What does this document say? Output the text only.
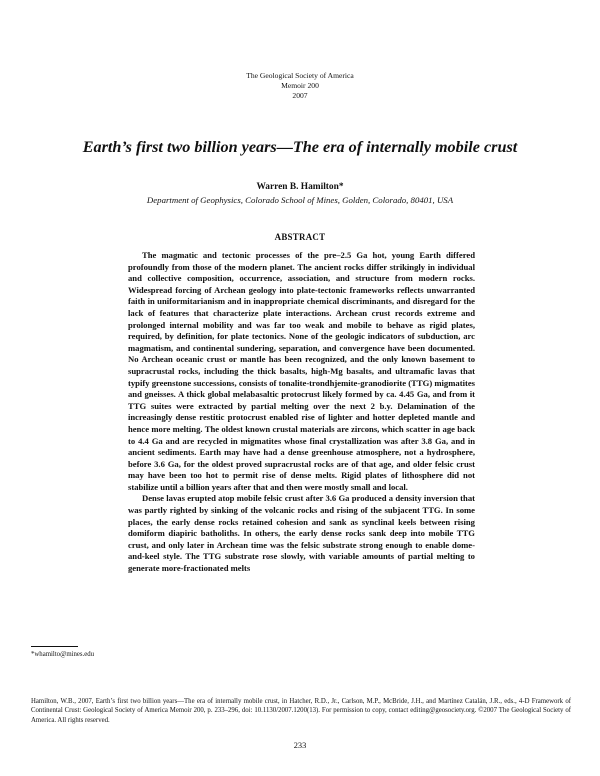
The Geological Society of America
Memoir 200
2007
Earth’s first two billion years—The era of internally mobile crust
Warren B. Hamilton*
Department of Geophysics, Colorado School of Mines, Golden, Colorado, 80401, USA
ABSTRACT

The magmatic and tectonic processes of the pre–2.5 Ga hot, young Earth differed profoundly from those of the modern planet. The ancient rocks differ strikingly in individual and collective composition, occurrence, association, and structure from modern rocks. Widespread forcing of Archean geology into plate-tectonic frameworks reflects unwarranted faith in uniformitarianism and in inappropriate chemical discriminants, and disregard for the lack of features that characterize plate interactions. Archean crust records extreme and prolonged internal mobility and was far too weak and mobile to behave as rigid plates, required, by definition, for plate tectonics. None of the geologic indicators of subduction, arc magmatism, and continental sundering, separation, and convergence have been documented. No Archean oceanic crust or mantle has been recognized, and the only known basement to supracrustal rocks, including the thick basalts, high-Mg basalts, and ultramafic lavas that typify greenstone successions, consists of tonalite-trondhjemite-granodiorite (TTG) migmatites and gneisses. A thick global melabasaltic protocrust likely formed by ca. 4.45 Ga, and from it TTG suites were extracted by partial melting over the next 2 b.y. Delamination of the increasingly dense restitic protocrust enabled rise of lighter and hotter depleted mantle and hence more melting. The oldest known crustal materials are zircons, which scatter in age back to 4.4 Ga and are recycled in migmatites whose final crystallization was after 3.8 Ga, and in ancient sediments. Earth may have had a dense greenhouse atmosphere, not a hydrosphere, before 3.6 Ga, for the oldest proved supracrustal rocks are of that age, and older felsic crust may have been too hot to permit rise of dense melts. Rigid plates of lithosphere did not stabilize until a billion years after that and then were mostly small and local.

Dense lavas erupted atop mobile felsic crust after 3.6 Ga produced a density inversion that was partly righted by sinking of the volcanic rocks and rising of the subjacent TTG. In some places, the early dense rocks retained cohesion and sank as synclinal keels between rising domiform diapiric batholiths. In others, the early dense rocks sank deep into mobile TTG crust, and only later in Archean time was the felsic substrate strong enough to enable dome-and-keel style. The TTG substrate rose slowly, with variable amounts of partial melting to generate more-fractionated melts

*whamilto@mines.edu
Hamilton, W.B., 2007, Earth’s first two billion years—The era of internally mobile crust, in Hatcher, R.D., Jr., Carlson, M.P., McBride, J.H., and Martínez Catalán, J.R., eds., 4-D Framework of Continental Crust: Geological Society of America Memoir 200, p. 233–296, doi: 10.1130/2007.1200(13). For permission to copy, contact editing@geosociety.org. ©2007 The Geological Society of America. All rights reserved.
233
